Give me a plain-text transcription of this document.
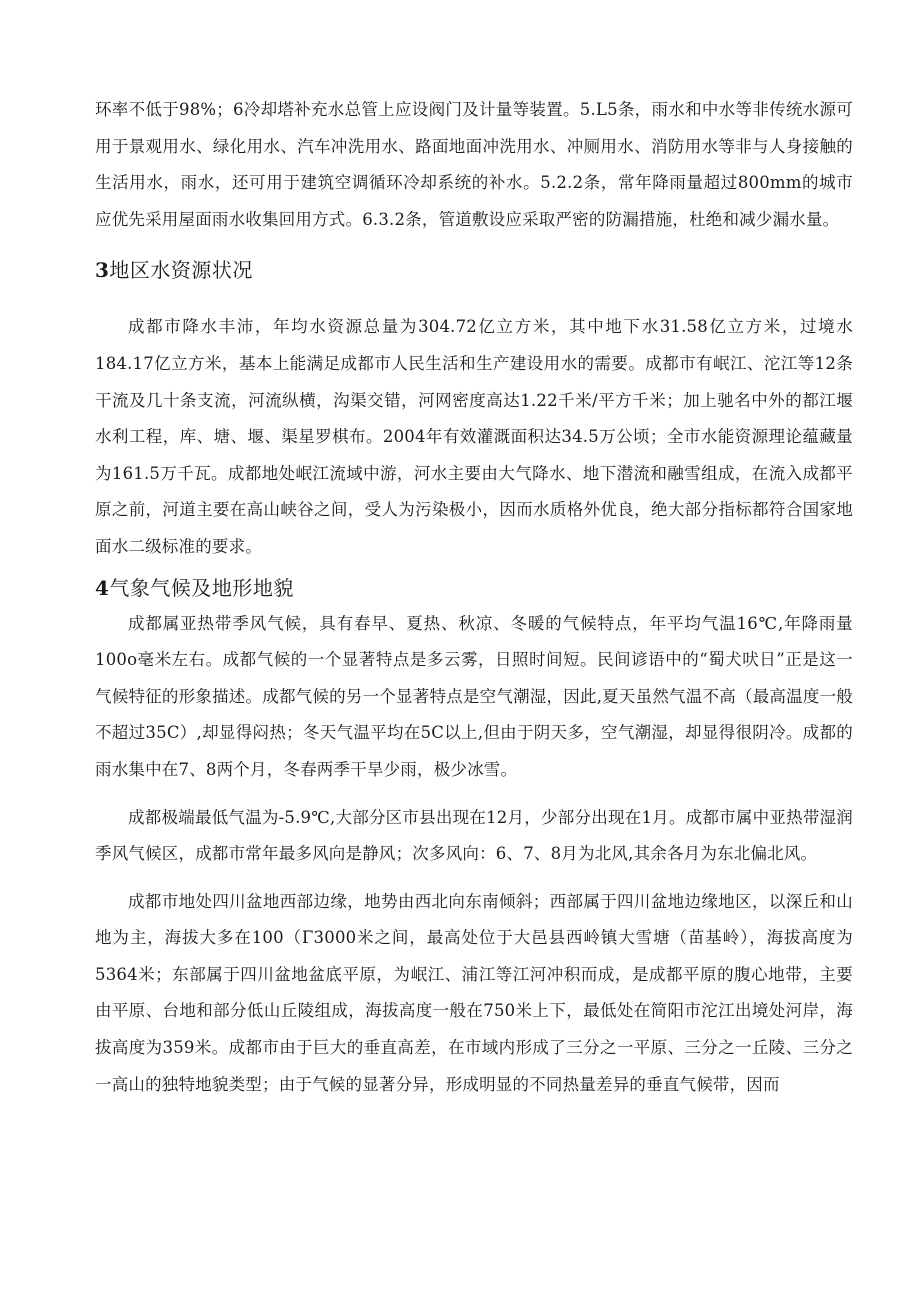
环率不低于98%；6冷却塔补充水总管上应设阀门及计量等装置。5.L5条，雨水和中水等非传统水源可用于景观用水、绿化用水、汽车冲洗用水、路面地面冲洗用水、冲厕用水、消防用水等非与人身接触的生活用水，雨水，还可用于建筑空调循环冷却系统的补水。5.2.2条，常年降雨量超过800mm的城市应优先采用屋面雨水收集回用方式。6.3.2条，管道敷设应采取严密的防漏措施，杜绝和减少漏水量。

3地区水资源状况

成都市降水丰沛，年均水资源总量为304.72亿立方米，其中地下水31.58亿立方米，过境水184.17亿立方米，基本上能满足成都市人民生活和生产建设用水的需要。成都市有岷江、沱江等12条干流及几十条支流，河流纵横，沟渠交错，河网密度高达1.22千米/平方千米；加上驰名中外的都江堰水利工程，库、塘、堰、渠星罗棋布。2004年有效灌溉面积达34.5万公顷；全市水能资源理论蕴藏量为161.5万千瓦。成都地处岷江流域中游，河水主要由大气降水、地下潜流和融雪组成，在流入成都平原之前，河道主要在高山峡谷之间，受人为污染极小，因而水质格外优良，绝大部分指标都符合国家地面水二级标准的要求。

4气象气候及地形地貌

成都属亚热带季风气候，具有春早、夏热、秋凉、冬暖的气候特点，年平均气温16℃,年降雨量100o毫米左右。成都气候的一个显著特点是多云雾，日照时间短。民间谚语中的“蜀犬吠日”正是这一气候特征的形象描述。成都气候的另一个显著特点是空气潮湿，因此,夏天虽然气温不高（最高温度一般不超过35C）,却显得闷热；冬天气温平均在5C以上,但由于阴天多，空气潮湿，却显得很阴冷。成都的雨水集中在7、8两个月，冬春两季干旱少雨，极少冰雪。

成都极端最低气温为-5.9℃,大部分区市县出现在12月，少部分出现在1月。成都市属中亚热带湿润季风气候区，成都市常年最多风向是静风；次多风向：6、7、8月为北风,其余各月为东北偏北风。

成都市地处四川盆地西部边缘，地势由西北向东南倾斜；西部属于四川盆地边缘地区，以深丘和山地为主，海拔大多在100（Γ3000米之间，最高处位于大邑县西岭镇大雪塘（苗基岭），海拔高度为5364米；东部属于四川盆地盆底平原，为岷江、浦江等江河冲积而成，是成都平原的腹心地带，主要由平原、台地和部分低山丘陵组成，海拔高度一般在750米上下，最低处在简阳市沱江出境处河岸，海拔高度为359米。成都市由于巨大的垂直高差，在市域内形成了三分之一平原、三分之一丘陵、三分之一高山的独特地貌类型；由于气候的显著分异，形成明显的不同热量差异的垂直气候带，因而
